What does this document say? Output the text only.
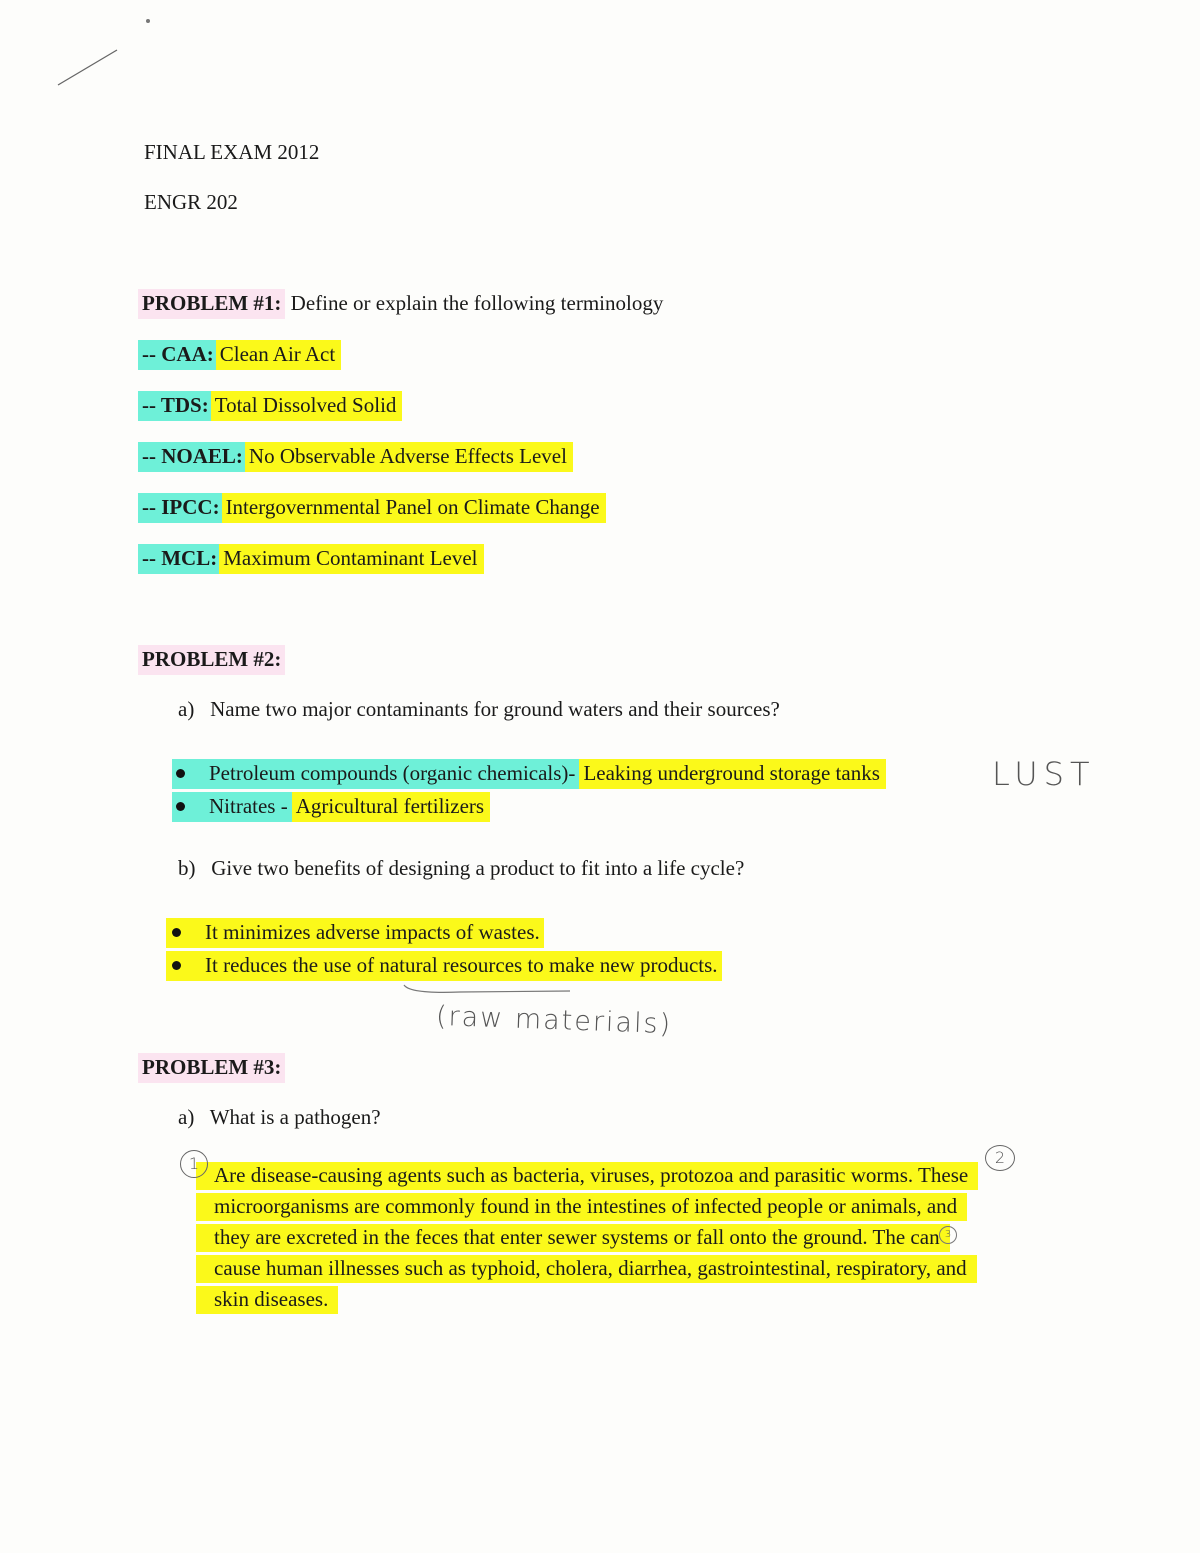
FINAL EXAM 2012
ENGR 202
PROBLEM #1: Define or explain the following terminology
-- CAA: Clean Air Act
-- TDS: Total Dissolved Solid
-- NOAEL: No Observable Adverse Effects Level
-- IPCC: Intergovernmental Panel on Climate Change
-- MCL: Maximum Contaminant Level
PROBLEM #2:
a) Name two major contaminants for ground waters and their sources?
Petroleum compounds (organic chemicals)- Leaking underground storage tanks
Nitrates - Agricultural fertilizers
LUST
b) Give two benefits of designing a product to fit into a life cycle?
It minimizes adverse impacts of wastes.
It reduces the use of natural resources to make new products.
(raw materials)
PROBLEM #3:
a) What is a pathogen?
Are disease-causing agents such as bacteria, viruses, protozoa and parasitic worms. These
microorganisms are commonly found in the intestines of infected people or animals, and
they are excreted in the feces that enter sewer systems or fall onto the ground. The can
cause human illnesses such as typhoid, cholera, diarrhea, gastrointestinal, respiratory, and
skin diseases.
1	2
3
